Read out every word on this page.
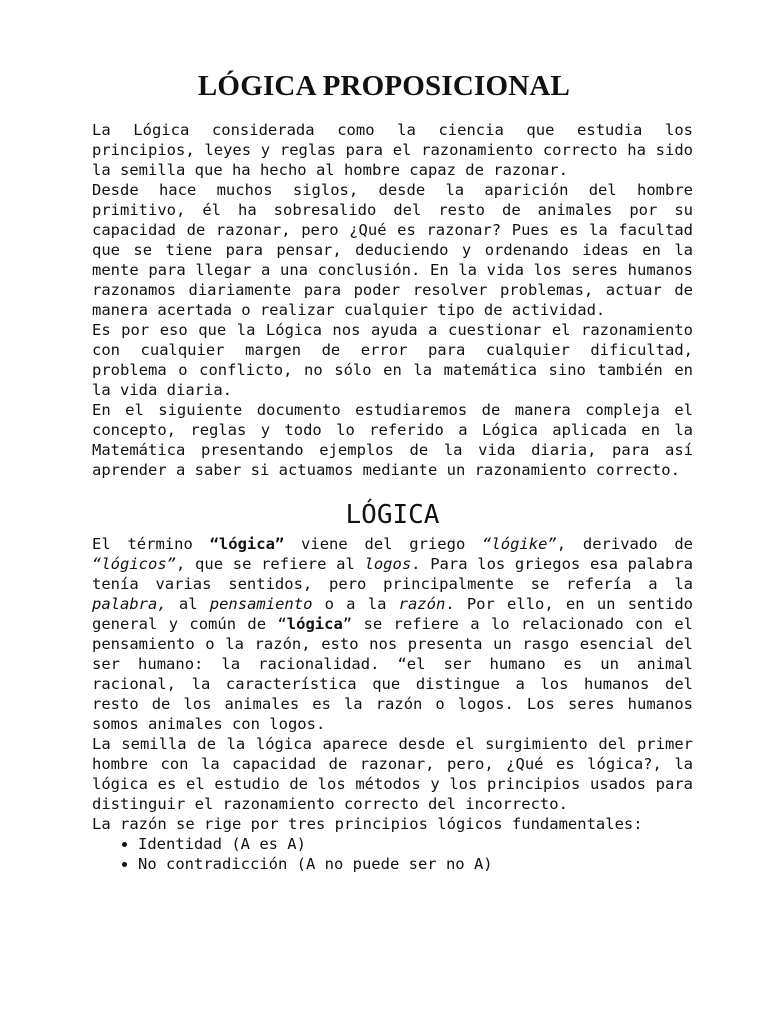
LÓGICA PROPOSICIONAL

La Lógica considerada como la ciencia que estudia los principios, leyes y reglas para el razonamiento correcto ha sido la semilla que ha hecho al hombre capaz de razonar.

Desde hace muchos siglos, desde la aparición del hombre primitivo, él ha sobresalido del resto de animales por su capacidad de razonar, pero ¿Qué es razonar? Pues es la facultad que se tiene para pensar, deduciendo y ordenando ideas en la mente para llegar a una conclusión. En la vida los seres humanos razonamos diariamente para poder resolver problemas, actuar de manera acertada o realizar cualquier tipo de actividad.

Es por eso que la Lógica nos ayuda a cuestionar el razonamiento con cualquier margen de error para cualquier dificultad, problema o conflicto, no sólo en la matemática sino también en la vida diaria.

En el siguiente documento estudiaremos de manera compleja el concepto, reglas y todo lo referido a Lógica aplicada en la Matemática presentando ejemplos de la vida diaria, para así aprender a saber si actuamos mediante un razonamiento correcto.

LÓGICA

El término “lógica” viene del griego “lógike”, derivado de “lógicos”, que se refiere al logos. Para los griegos esa palabra tenía varias sentidos, pero principalmente se refería a la palabra, al pensamiento o a la razón. Por ello, en un sentido general y común de “lógica” se refiere a lo relacionado con el pensamiento o la razón, esto nos presenta un rasgo esencial del ser humano: la racionalidad. “el ser humano es un animal racional, la característica que distingue a los humanos del resto de los animales es la razón o logos. Los seres humanos somos animales con logos.

La semilla de la lógica aparece desde el surgimiento del primer hombre con la capacidad de razonar, pero, ¿Qué es lógica?, la lógica es el estudio de los métodos y los principios usados para distinguir el razonamiento correcto del incorrecto.

La razón se rige por tres principios lógicos fundamentales:

• Identidad (A es A)
• No contradicción (A no puede ser no A)
